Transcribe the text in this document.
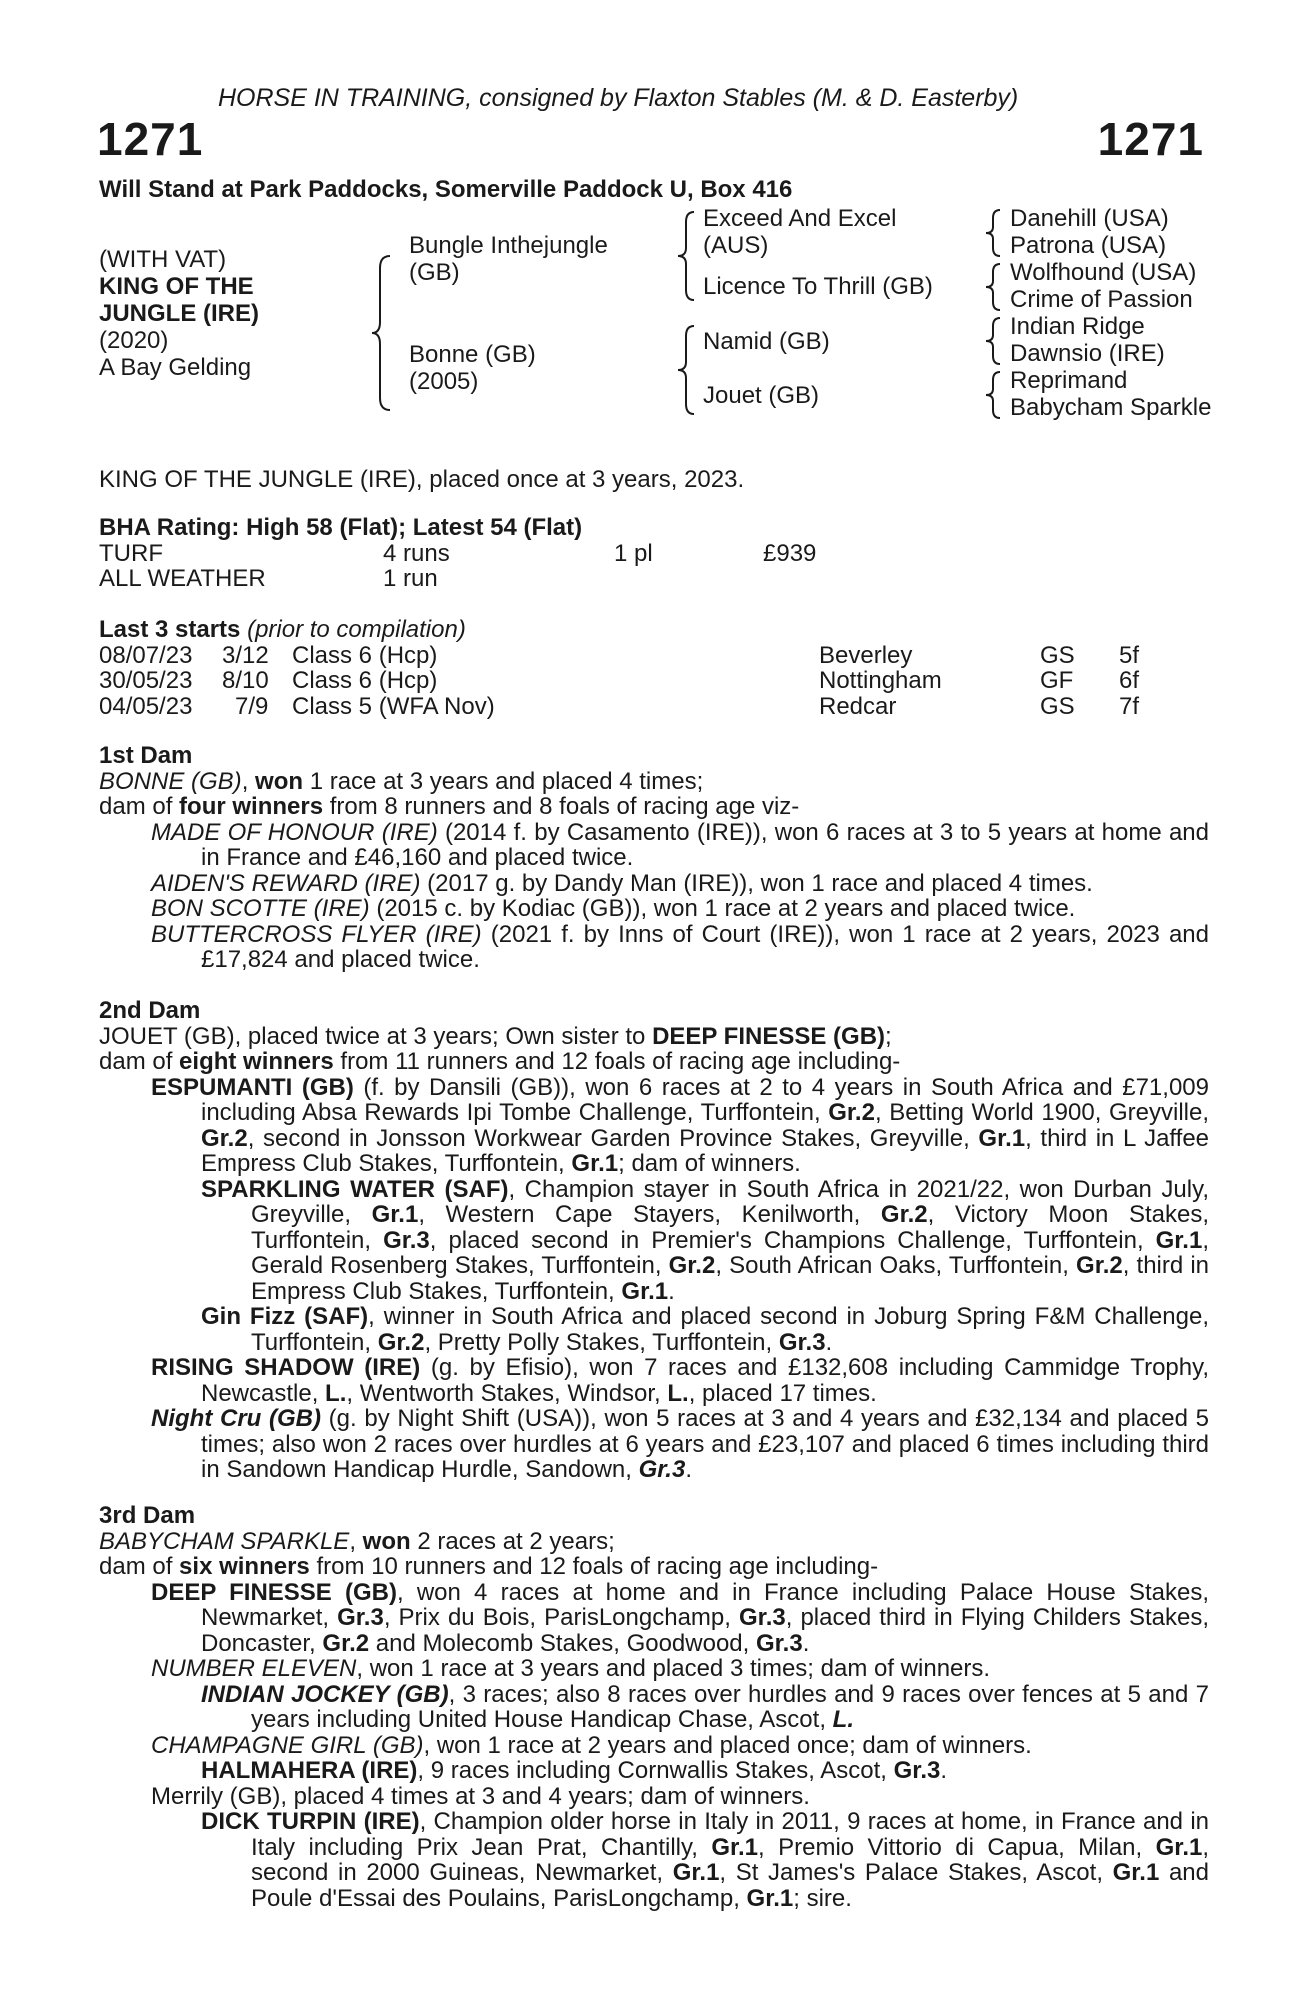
HORSE IN TRAINING, consigned by Flaxton Stables (M. & D. Easterby)
1271	1271
Will Stand at Park Paddocks, Somerville Paddock U, Box 416
(WITH VAT)
KING OF THE
JUNGLE (IRE)
(2020)
A Bay Gelding
Bungle Inthejungle
(GB)
Bonne (GB)
(2005)
Exceed And Excel
(AUS)
Licence To Thrill (GB)
Namid (GB)
Jouet (GB)
Danehill (USA)
Patrona (USA)
Wolfhound (USA)
Crime of Passion
Indian Ridge
Dawnsio (IRE)
Reprimand
Babycham Sparkle
KING OF THE JUNGLE (IRE), placed once at 3 years, 2023.
BHA Rating: High 58 (Flat); Latest 54 (Flat)
TURF	4 runs	1 pl	£939
ALL WEATHER	1 run
Last 3 starts (prior to compilation)
08/07/23 3/12 Class 6 (Hcp)	Beverley	GS 5f
30/05/23 8/10 Class 6 (Hcp)	Nottingham	GF 6f
04/05/23 7/9 Class 5 (WFA Nov)	Redcar	GS 7f
1st Dam

BONNE (GB), won 1 race at 3 years and placed 4 times;

dam of four winners from 8 runners and 8 foals of racing age viz-

MADE OF HONOUR (IRE) (2014 f. by Casamento (IRE)), won 6 races at 3 to 5 years at home and in France and £46,160 and placed twice.

AIDEN'S REWARD (IRE) (2017 g. by Dandy Man (IRE)), won 1 race and placed 4 times.

BON SCOTTE (IRE) (2015 c. by Kodiac (GB)), won 1 race at 2 years and placed twice.

BUTTERCROSS FLYER (IRE) (2021 f. by Inns of Court (IRE)), won 1 race at 2 years, 2023 and £17,824 and placed twice.

2nd Dam

JOUET (GB), placed twice at 3 years; Own sister to DEEP FINESSE (GB);

dam of eight winners from 11 runners and 12 foals of racing age including-

ESPUMANTI (GB) (f. by Dansili (GB)), won 6 races at 2 to 4 years in South Africa and £71,009 including Absa Rewards Ipi Tombe Challenge, Turffontein, Gr.2, Betting World 1900, Greyville, Gr.2, second in Jonsson Workwear Garden Province Stakes, Greyville, Gr.1, third in L Jaffee Empress Club Stakes, Turffontein, Gr.1; dam of winners.

SPARKLING WATER (SAF), Champion stayer in South Africa in 2021/22, won Durban July, Greyville, Gr.1, Western Cape Stayers, Kenilworth, Gr.2, Victory Moon Stakes, Turffontein, Gr.3, placed second in Premier's Champions Challenge, Turffontein, Gr.1, Gerald Rosenberg Stakes, Turffontein, Gr.2, South African Oaks, Turffontein, Gr.2, third in Empress Club Stakes, Turffontein, Gr.1.

Gin Fizz (SAF), winner in South Africa and placed second in Joburg Spring F&M Challenge, Turffontein, Gr.2, Pretty Polly Stakes, Turffontein, Gr.3.

RISING SHADOW (IRE) (g. by Efisio), won 7 races and £132,608 including Cammidge Trophy, Newcastle, L., Wentworth Stakes, Windsor, L., placed 17 times.

Night Cru (GB) (g. by Night Shift (USA)), won 5 races at 3 and 4 years and £32,134 and placed 5 times; also won 2 races over hurdles at 6 years and £23,107 and placed 6 times including third in Sandown Handicap Hurdle, Sandown, Gr.3.

3rd Dam

BABYCHAM SPARKLE, won 2 races at 2 years;

dam of six winners from 10 runners and 12 foals of racing age including-

DEEP FINESSE (GB), won 4 races at home and in France including Palace House Stakes, Newmarket, Gr.3, Prix du Bois, ParisLongchamp, Gr.3, placed third in Flying Childers Stakes, Doncaster, Gr.2 and Molecomb Stakes, Goodwood, Gr.3.

NUMBER ELEVEN, won 1 race at 3 years and placed 3 times; dam of winners.

INDIAN JOCKEY (GB), 3 races; also 8 races over hurdles and 9 races over fences at 5 and 7 years including United House Handicap Chase, Ascot, L.

CHAMPAGNE GIRL (GB), won 1 race at 2 years and placed once; dam of winners.

HALMAHERA (IRE), 9 races including Cornwallis Stakes, Ascot, Gr.3.

Merrily (GB), placed 4 times at 3 and 4 years; dam of winners.

DICK TURPIN (IRE), Champion older horse in Italy in 2011, 9 races at home, in France and in Italy including Prix Jean Prat, Chantilly, Gr.1, Premio Vittorio di Capua, Milan, Gr.1, second in 2000 Guineas, Newmarket, Gr.1, St James's Palace Stakes, Ascot, Gr.1 and Poule d'Essai des Poulains, ParisLongchamp, Gr.1; sire.
